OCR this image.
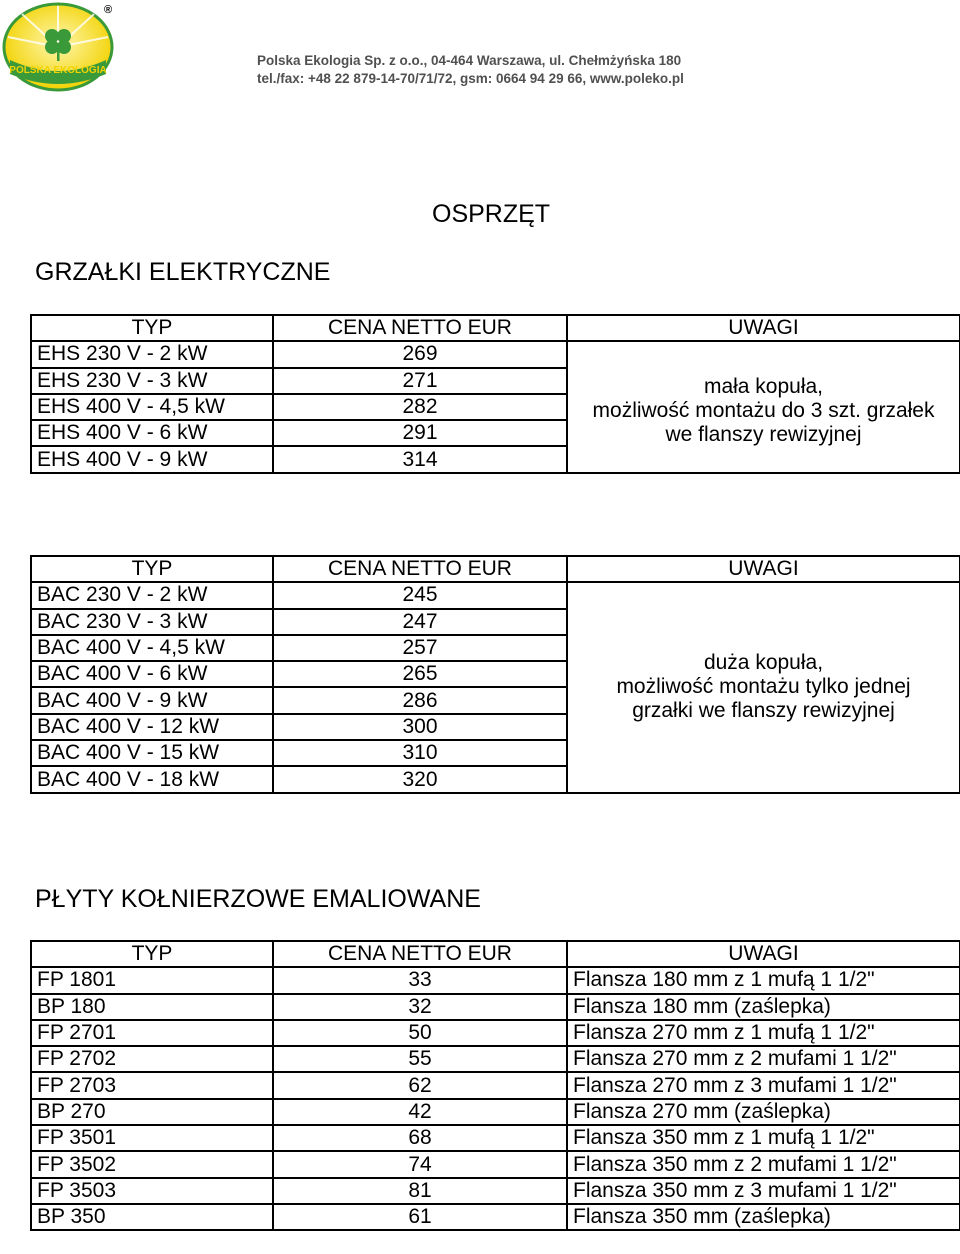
POLSKA EKOLOGIA
®
Polska Ekologia Sp. z o.o., 04-464 Warszawa, ul. Chełmżyńska 180
tel./fax: +48 22 879-14-70/71/72, gsm: 0664 94 29 66, www.poleko.pl
OSPRZĘT
GRZAŁKI ELEKTRYCZNE
TYP	CENA NETTO EUR	UWAGI
EHS 230 V - 2 kW	269	mała kopuła,
możliwość montażu do 3 szt. grzałek
we flanszy rewizyjnej

EHS 230 V - 3 kW	271	
EHS 400 V - 4,5 kW	282	
EHS 400 V - 6 kW	291	
EHS 400 V - 9 kW	314	
TYP	CENA NETTO EUR	UWAGI
BAC 230 V - 2 kW	245	duża kopuła,
możliwość montażu tylko jednej
grzałki we flanszy rewizyjnej

BAC 230 V - 3 kW	247	
BAC 400 V - 4,5 kW	257	
BAC 400 V - 6 kW	265	
BAC 400 V - 9 kW	286	
BAC 400 V - 12 kW	300	
BAC 400 V - 15 kW	310	
BAC 400 V - 18 kW	320	
PŁYTY KOŁNIERZOWE EMALIOWANE
TYP	CENA NETTO EUR	UWAGI
FP 1801	33	Flansza 180 mm z 1 mufą 1 1/2"
BP 180	32	Flansza 180 mm (zaślepka)
FP 2701	50	Flansza 270 mm z 1 mufą 1 1/2"
FP 2702	55	Flansza 270 mm z 2 mufami 1 1/2"
FP 2703	62	Flansza 270 mm z 3 mufami 1 1/2"
BP 270	42	Flansza 270 mm (zaślepka)
FP 3501	68	Flansza 350 mm z 1 mufą 1 1/2"
FP 3502	74	Flansza 350 mm z 2 mufami 1 1/2"
FP 3503	81	Flansza 350 mm z 3 mufami 1 1/2"
BP 350	61	Flansza 350 mm (zaślepka)
